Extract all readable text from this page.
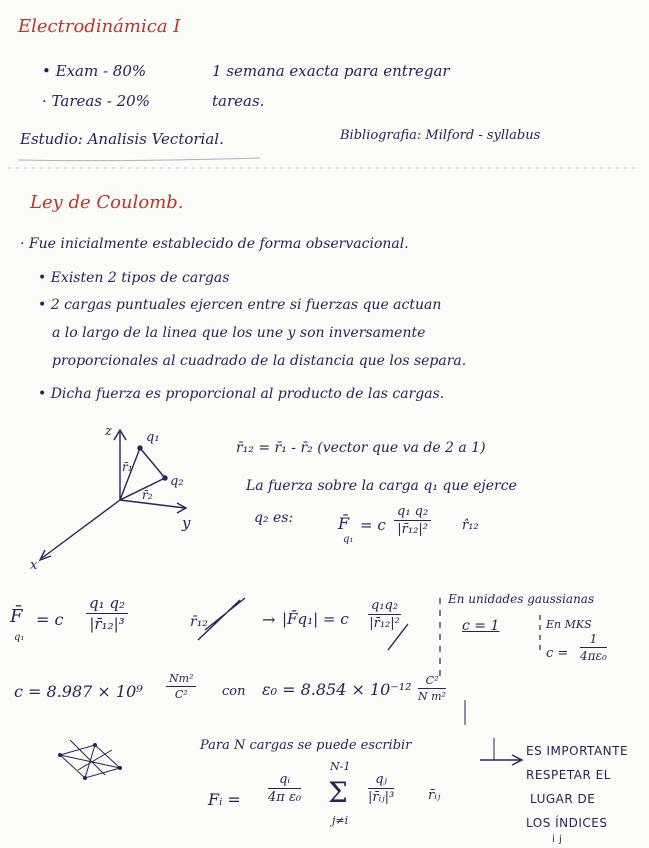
Electrodinámica I
• Exam - 80%
· Tareas - 20%
1 semana exacta para entregar
tareas.
Estudio: Analisis Vectorial.	Bibliografia: Milford - syllabus
Ley de Coulomb.
· Fue inicialmente establecido de forma observacional.
• Existen 2 tipos de cargas
• 2 cargas puntuales ejercen entre si fuerzas que actuan
a lo largo de la linea que los une y son inversamente
proporcionales al cuadrado de la distancia que los separa.
• Dicha fuerza es proporcional al producto de las cargas.
z	q₁
q₂
r̄₁
r̄₂
y
x
r̄₁₂ = r̄₁ - r̄₂ (vector que va de 2 a 1)
La fuerza sobre la carga q₁ que ejerce
q₂ es:	F̄
q₁
= c $\frac{\text{q₁ q₂}}{\text{|r̄₁₂|²}}$ r̂₁₂
F̄
q₁
= c $\frac{\text{q₁ q₂}}{\text{|r̄₁₂|³}}$	r̄₁₂	→ |F̄q₁| = c $\frac{\text{q₁q₂}}{\text{|r̄₁₂|²}}$	En unidades gaussianas
c = 1	En MKS
$c = \frac{1}{\text{4πε₀}}$
$c = 8.987 \times 10^9 \frac{\text{Nm²}}{\text{C²}}$ con $\varepsilon_0 = 8.854 \times 10^{-12} \frac{\text{C²}}{\text{N m²}}$
Para N cargas se puede escribir
Fᵢ = $\frac{\text{qᵢ}}{\text{4π ε₀}}$
N-1
Σ
j≠i
$\frac{\text{qⱼ}}{\text{|r̄ᵢⱼ|³}}$	r̄ᵢⱼ
ES IMPORTANTE
RESPETAR EL
LUGAR DE
LOS ÍNDICES
i j
